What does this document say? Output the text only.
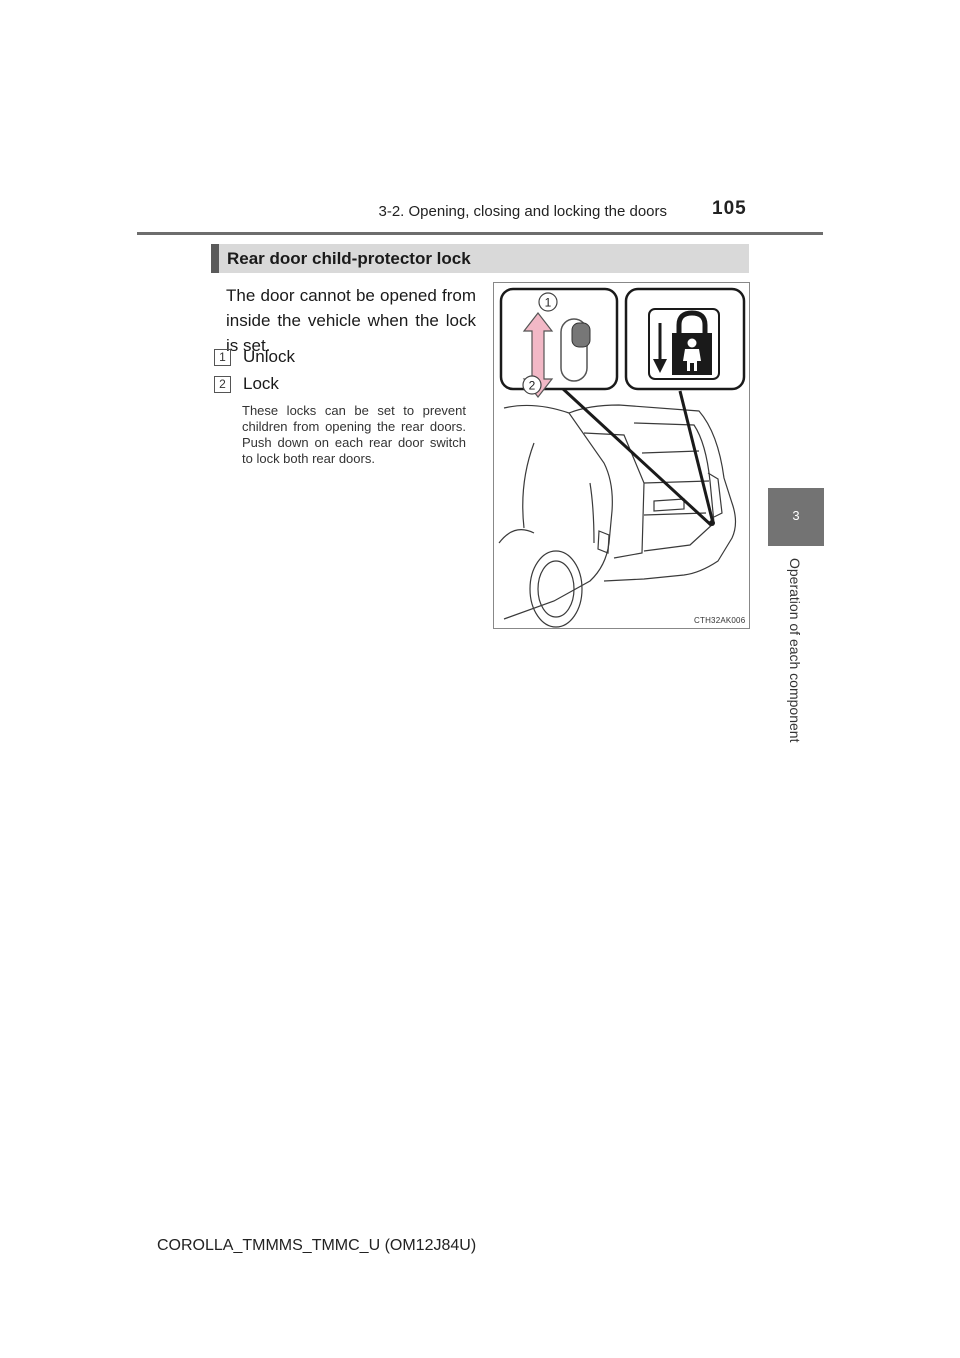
3-2. Opening, closing and locking the doors 105
3
Operation of each component
Rear door child-protector lock
The door cannot be opened from inside the vehicle when the lock is set.
1	Unlock
2	Lock
These locks can be set to prevent children from opening the rear doors. Push down on each rear door switch to lock both rear doors.
1
2
CTH32AK006
COROLLA_TMMMS_TMMC_U (OM12J84U)
